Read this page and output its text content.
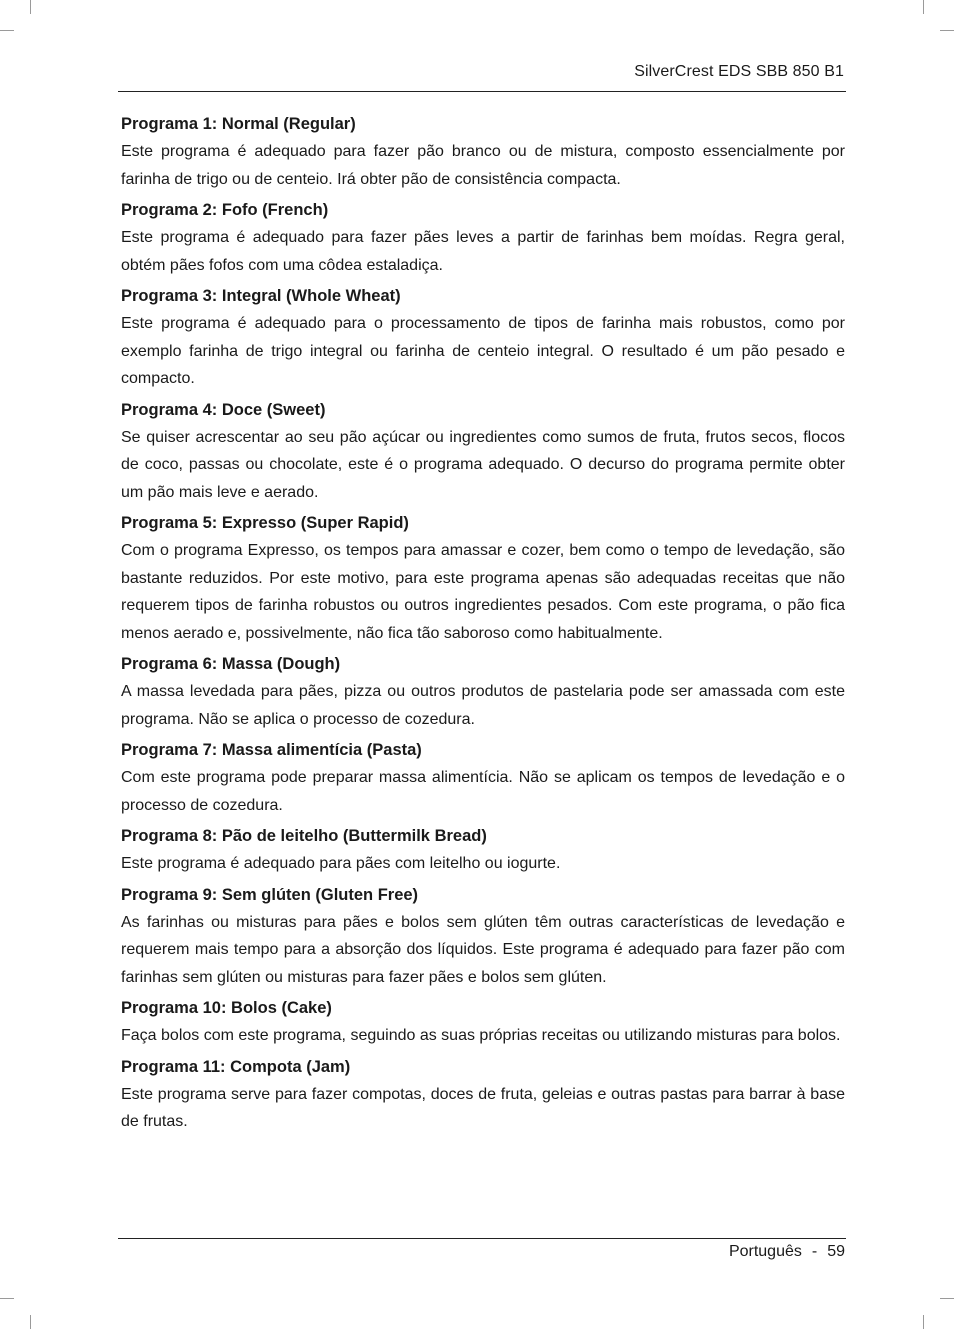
SilverCrest EDS SBB 850 B1

Programa 1: Normal (Regular)

Este programa é adequado para fazer pão branco ou de mistura, composto essencialmente por farinha de trigo ou de centeio. Irá obter pão de consistência compacta.

Programa 2: Fofo (French)

Este programa é adequado para fazer pães leves a partir de farinhas bem moídas. Regra geral, obtém pães fofos com uma côdea estaladiça.

Programa 3: Integral (Whole Wheat)

Este programa é adequado para o processamento de tipos de farinha mais robustos, como por exemplo farinha de trigo integral ou farinha de centeio integral. O resultado é um pão pesado e compacto.

Programa 4: Doce (Sweet)

Se quiser acrescentar ao seu pão açúcar ou ingredientes como sumos de fruta, frutos secos, flocos de coco, passas ou chocolate, este é o programa adequado. O decurso do programa permite obter um pão mais leve e aerado.

Programa 5: Expresso (Super Rapid)

Com o programa Expresso, os tempos para amassar e cozer, bem como o tempo de levedação, são bastante reduzidos. Por este motivo, para este programa apenas são adequadas receitas que não requerem tipos de farinha robustos ou outros ingredientes pesados. Com este programa, o pão fica menos aerado e, possivelmente, não fica tão saboroso como habitualmente.

Programa 6: Massa (Dough)

A massa levedada para pães, pizza ou outros produtos de pastelaria pode ser amassada com este programa. Não se aplica o processo de cozedura.

Programa 7: Massa alimentícia (Pasta)

Com este programa pode preparar massa alimentícia. Não se aplicam os tempos de levedação e o processo de cozedura.

Programa 8: Pão de leitelho (Buttermilk Bread)

Este programa é adequado para pães com leitelho ou iogurte.

Programa 9: Sem glúten (Gluten Free)

As farinhas ou misturas para pães e bolos sem glúten têm outras características de levedação e requerem mais tempo para a absorção dos líquidos. Este programa é adequado para fazer pão com farinhas sem glúten ou misturas para fazer pães e bolos sem glúten.

Programa 10: Bolos (Cake)

Faça bolos com este programa, seguindo as suas próprias receitas ou utilizando misturas para bolos.

Programa 11: Compota (Jam)

Este programa serve para fazer compotas, doces de fruta, geleias e outras pastas para barrar à base de frutas.

Português - 59
